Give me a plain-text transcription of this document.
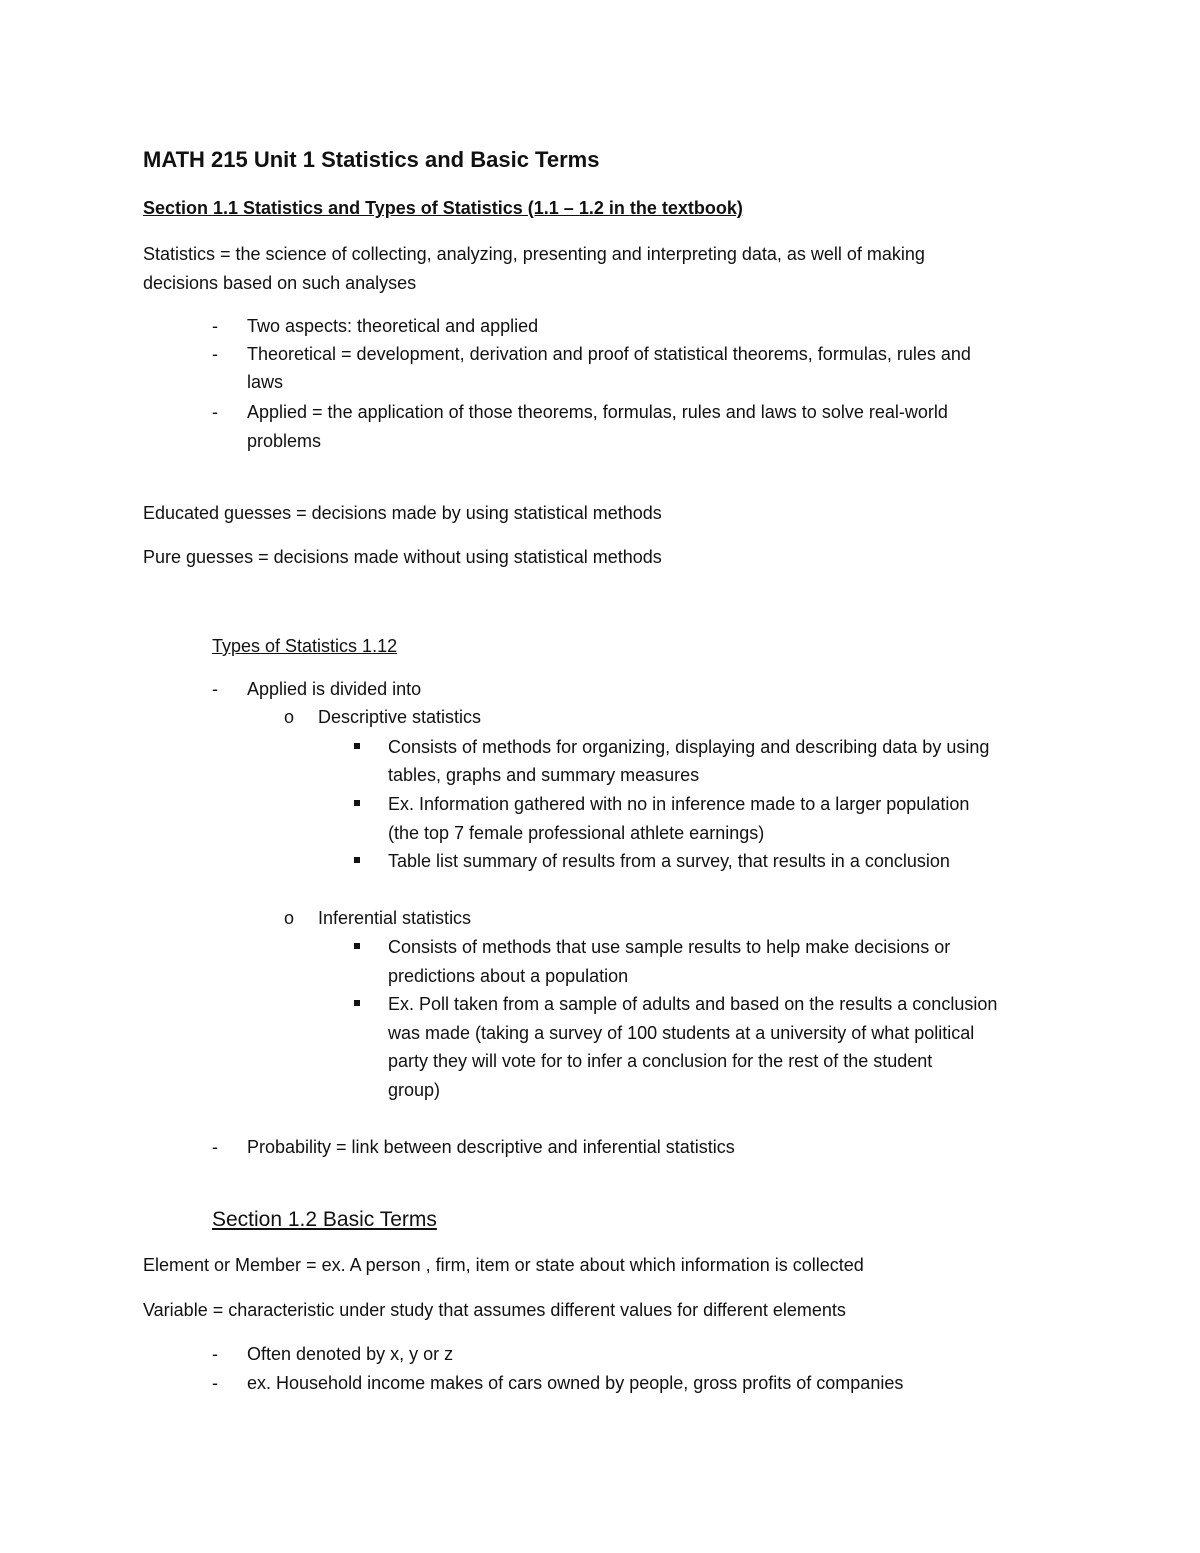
MATH 215 Unit 1 Statistics and Basic Terms
Section 1.1 Statistics and Types of Statistics (1.1 – 1.2 in the textbook)
Statistics = the science of collecting, analyzing, presenting and interpreting data, as well of making
decisions based on such analyses
- Two aspects: theoretical and applied
- Theoretical = development, derivation and proof of statistical theorems, formulas, rules and
laws
- Applied = the application of those theorems, formulas, rules and laws to solve real-world
problems
Educated guesses = decisions made by using statistical methods
Pure guesses = decisions made without using statistical methods
Types of Statistics 1.12
- Applied is divided into
o Descriptive statistics
Consists of methods for organizing, displaying and describing data by using
tables, graphs and summary measures
Ex. Information gathered with no in inference made to a larger population
(the top 7 female professional athlete earnings)
Table list summary of results from a survey, that results in a conclusion
o Inferential statistics
Consists of methods that use sample results to help make decisions or
predictions about a population
Ex. Poll taken from a sample of adults and based on the results a conclusion
was made (taking a survey of 100 students at a university of what political
party they will vote for to infer a conclusion for the rest of the student
group)
- Probability = link between descriptive and inferential statistics
Section 1.2 Basic Terms
Element or Member = ex. A person , firm, item or state about which information is collected
Variable = characteristic under study that assumes different values for different elements
- Often denoted by x, y or z
- ex. Household income makes of cars owned by people, gross profits of companies
